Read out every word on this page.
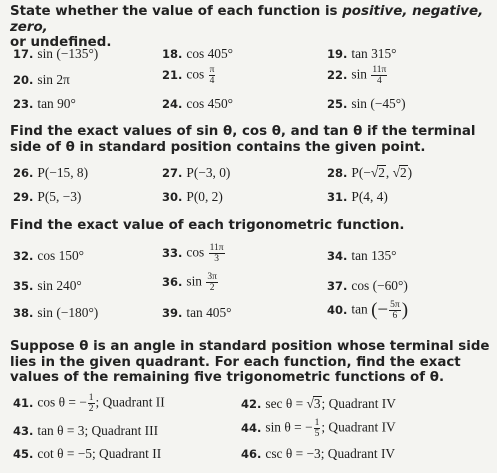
State whether the value of each function is positive, negative, zero,
or undefined.
17. sin (−135°)	18. cos 405°	19. tan 315°
20. sin 2π	21. $\cos \frac{\pi}{4}$	22. $\sin \frac{11\pi}{4}$
23. tan 90°	24. cos 450°	25. sin (−45°)
Find the exact values of sin θ, cos θ, and tan θ if the terminal side of θ in standard position contains the given point.
26. P(−15, 8)	27. P(−3, 0)	28. P(−√2, √2)
29. P(5, −3)	30. P(0, 2)	31. P(4, 4)
Find the exact value of each trigonometric function.
32. cos 150°	33. $\cos \frac{11\pi}{3}$	34. tan 135°
35. sin 240°	36. $\sin \frac{3\pi}{2}$	37. cos (−60°)
38. sin (−180°)	39. tan 405°	40. tan (− $\frac{5\pi}{6}$ )
Suppose θ is an angle in standard position whose terminal side lies in the given quadrant. For each function, find the exact values of the remaining five trigonometric functions of θ.
41. cos θ = − $\frac{1}{2}$ ; Quadrant II	42. sec θ = √3; Quadrant IV
43. tan θ = 3; Quadrant III	44. sin θ = − $\frac{1}{5}$ ; Quadrant IV
45. cot θ = −5; Quadrant II	46. csc θ = −3; Quadrant IV
